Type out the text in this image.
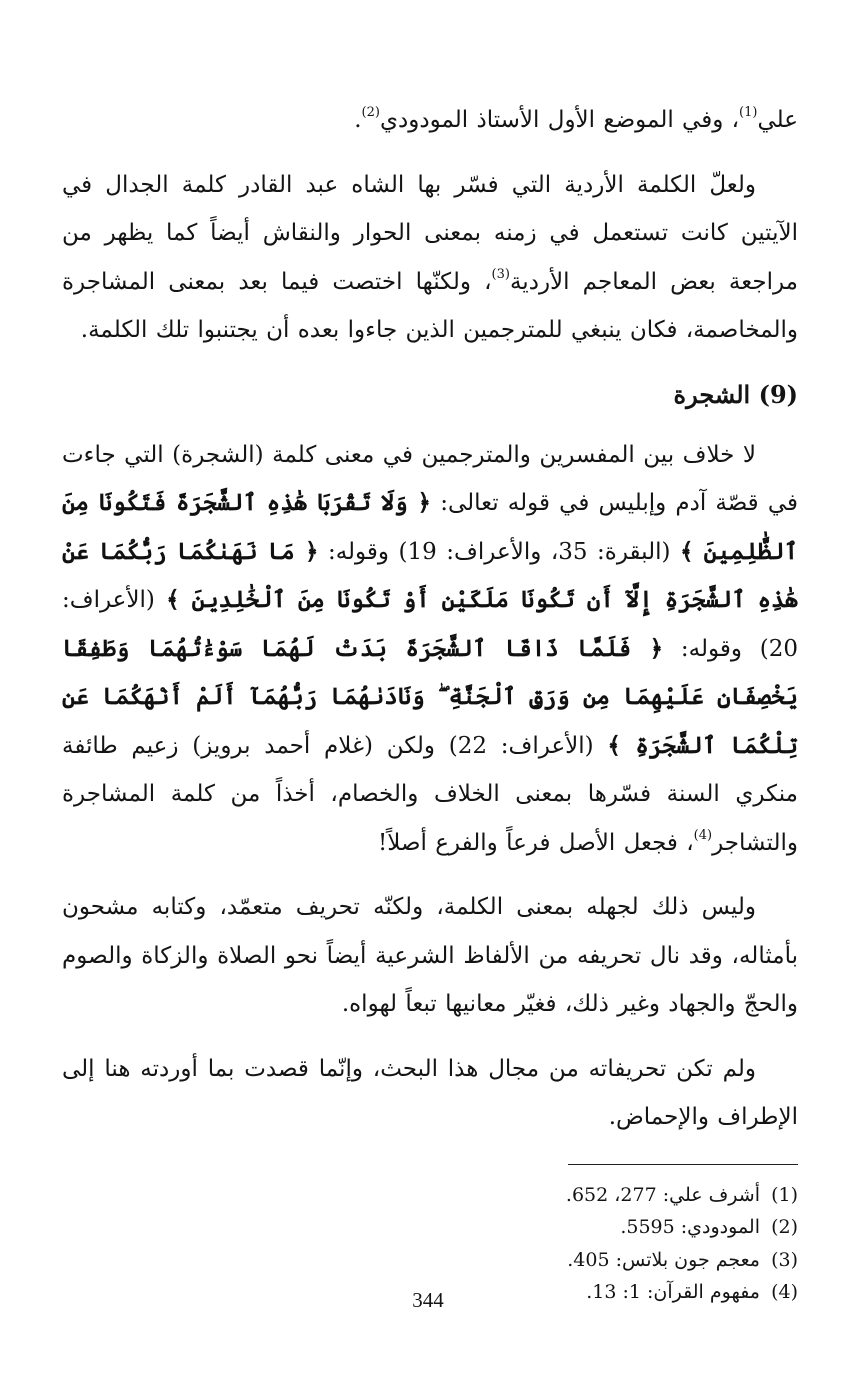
علي$^{(1)}$، وفي الموضع الأول الأستاذ المودودي$^{(2)}$.

ولعلّ الكلمة الأردية التي فسّر بها الشاه عبد القادر كلمة الجدال في الآيتين كانت تستعمل في زمنه بمعنى الحوار والنقاش أيضاً كما يظهر من مراجعة بعض المعاجم الأردية$^{(3)}$، ولكنّها اختصت فيما بعد بمعنى المشاجرة والمخاصمة، فكان ينبغي للمترجمين الذين جاءوا بعده أن يجتنبوا تلك الكلمة.

(9) الشجرة

لا خلاف بين المفسرين والمترجمين في معنى كلمة (الشجرة) التي جاءت في قصّة آدم وإبليس في قوله تعالى: ﴿ وَلَا تَقْرَبَا هَٰذِهِ ٱلشَّجَرَةَ فَتَكُونَا مِنَ ٱلظَّٰلِمِينَ ﴾ (البقرة: 35، والأعراف: 19) وقوله: ﴿ مَا نَهَىٰكُمَا رَبُّكُمَا عَنْ هَٰذِهِ ٱلشَّجَرَةِ إِلَّآ أَن تَكُونَا مَلَكَيْنِ أَوْ تَكُونَا مِنَ ٱلْخَٰلِدِينَ ﴾ (الأعراف: 20) وقوله: ﴿ فَلَمَّا ذَاقَا ٱلشَّجَرَةَ بَدَتْ لَهُمَا سَوْءَٰتُهُمَا وَطَفِقَا يَخْصِفَانِ عَلَيْهِمَا مِن وَرَقِ ٱلْجَنَّةِ ۖ وَنَادَىٰهُمَا رَبُّهُمَآ أَلَمْ أَنْهَكُمَا عَن تِلْكُمَا ٱلشَّجَرَةِ ﴾ (الأعراف: 22) ولكن (غلام أحمد برويز) زعيم طائفة منكري السنة فسّرها بمعنى الخلاف والخصام، أخذاً من كلمة المشاجرة والتشاجر$^{(4)}$، فجعل الأصل فرعاً والفرع أصلاً!

وليس ذلك لجهله بمعنى الكلمة، ولكنّه تحريف متعمّد، وكتابه مشحون بأمثاله، وقد نال تحريفه من الألفاظ الشرعية أيضاً نحو الصلاة والزكاة والصوم والحجّ والجهاد وغير ذلك، فغيّر معانيها تبعاً لهواه.

ولم تكن تحريفاته من مجال هذا البحث، وإنّما قصدت بما أوردته هنا إلى الإطراف والإحماض.

(1)
أشرف علي: 277، 652.

(2)
المودودي: 5595.

(3)
معجم جون بلاتس: 405.

(4)
مفهوم القرآن: 1: 13.

344
